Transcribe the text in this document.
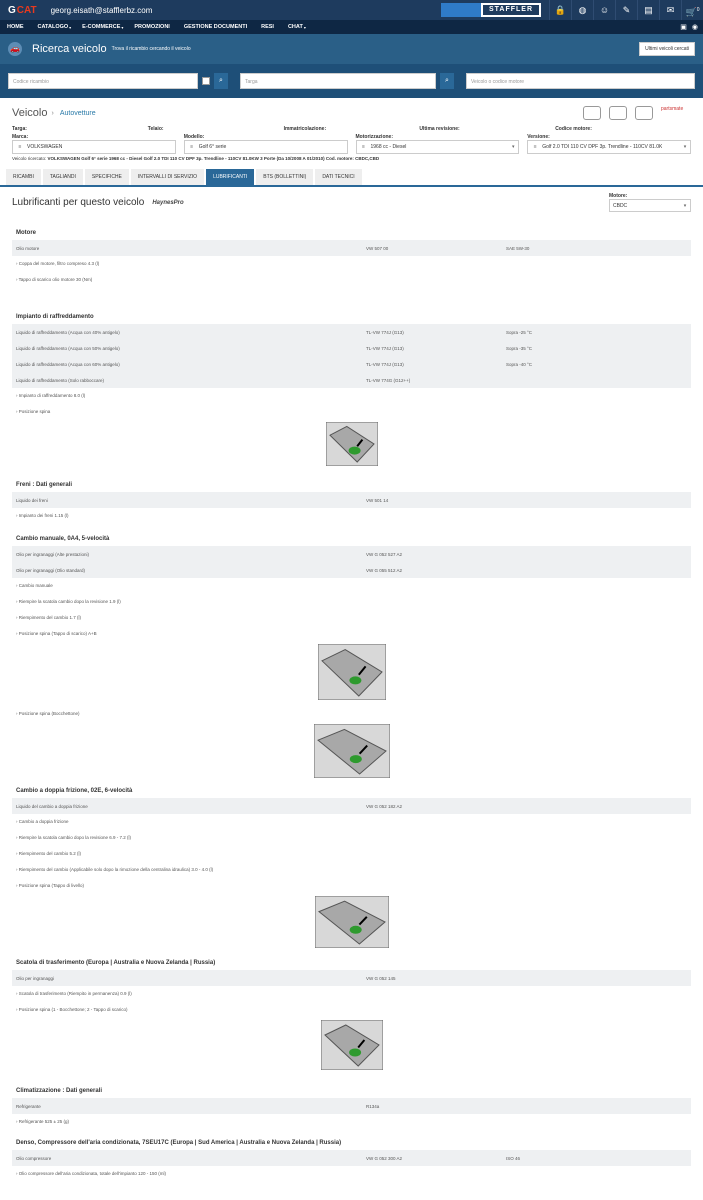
G CAT georg.eisath@stafflerbz.com	STAFFLER	🔒	◍	☺	✎	▤	✉	🛒$^0$
HOME	CATALOGO ▾	E-COMMERCE ▾	PROMOZIONI	GESTIONE DOCUMENTI	RESI	CHAT ▾	▣ ◉
🚗 Ricerca veicolo Trova il ricambio cercando il veicolo	Ultimi veicoli cercati
Codice ricambio	⌕	Targa	⌕	Veicolo o codice motore
Veicolo › Autovetture
partsmate
Targa:	Telaio:	Immatricolazione:	Ultima revisione:	Codice motore:
Marca:
≡	VOLKSWAGEN
Modello:
≡	Golf 6° serie
Motorizzazione:
≡	1968 cc - Diesel	▾
Versione:
≡	Golf 2.0 TDI 110 CV DPF 3p. Trendline - 110CV 81.0K	▾
Veicolo ricercato: VOLKSWAGEN Golf 6° serie 1968 cc - Diesel Golf 2.0 TDI 110 CV DPF 3p. Trendline - 110CV 81.0KW 3 Porte (Da 10/2008 A 01/2010) Cod. motore: CBDC,CBD
RICAMBI	TAGLIANDI	SPECIFICHE	INTERVALLI DI SERVIZIO	LUBRIFICANTI	BTS (BOLLETTINI)	DATI TECNICI
Lubrificanti per questo veicolo HaynesPro
Motore:
CBDC	▾
Motore
Olio motore	VW 507 00	SAE 5W-30
› Coppa del motore, filtro compreso 4.3 (l)
› Tappo di scarico olio motore 30 (Nm)
Impianto di raffreddamento
Liquido di raffreddamento (Acqua con 40% antigelo)	TL-VW 774J (G13)	Sopra -25 °C
Liquido di raffreddamento (Acqua con 50% antigelo)	TL-VW 774J (G13)	Sopra -35 °C
Liquido di raffreddamento (Acqua con 60% antigelo)	TL-VW 774J (G13)	Sopra -40 °C
Liquido di raffreddamento (Solo rabboccare)	TL-VW 774G (G12++)
› Impianto di raffreddamento 8.0 (l)
› Posizione spina
Freni : Dati generali
Liquido dei freni	VW 501 14
› Impianto dei freni 1.15 (l)
Cambio manuale, 0A4, 5-velocità
Olio per ingranaggi (Alte prestazioni)	VW G 052 527 A2
Olio per ingranaggi (Olio standard)	VW G 055 512 A2
› Cambio manuale
› Riempire la scatola cambio dopo la revisione 1.9 (l)
› Riempimento del cambio 1.7 (l)
› Posizione spina (Tappo di scarico) A+B
› Posizione spina (Bocchettone)
Cambio a doppia frizione, 02E, 6-velocità
Liquido del cambio a doppia frizione	VW G 052 182 A2
› Cambio a doppia frizione
› Riempire la scatola cambio dopo la revisione 6.9 - 7.2 (l)
› Riempimento del cambio 5.2 (l)
› Riempimento del cambio (Applicabile solo dopo la rimozione della centralina idraulica) 3.0 - 4.0 (l)
› Posizione spina (Tappo di livello)
Scatola di trasferimento (Europa | Australia e Nuova Zelanda | Russia)
Olio per ingranaggi	VW G 052 145
› Scatola di trasferimento (Riempito in permanenza) 0.9 (l)
› Posizione spina (1 - Bocchettone; 2 - Tappo di scarico)
Climatizzazione : Dati generali
Refrigerante	R134a
› Refrigerante 525 ± 25 (g)
Denso, Compressore dell'aria condizionata, 7SEU17C (Europa | Sud America | Australia e Nuova Zelanda | Russia)
Olio compressore	VW G 052 300 A2	ISO 46
› Olio compressore dell'aria condizionata, totale dell'impianto 120 - 150 (ml)
